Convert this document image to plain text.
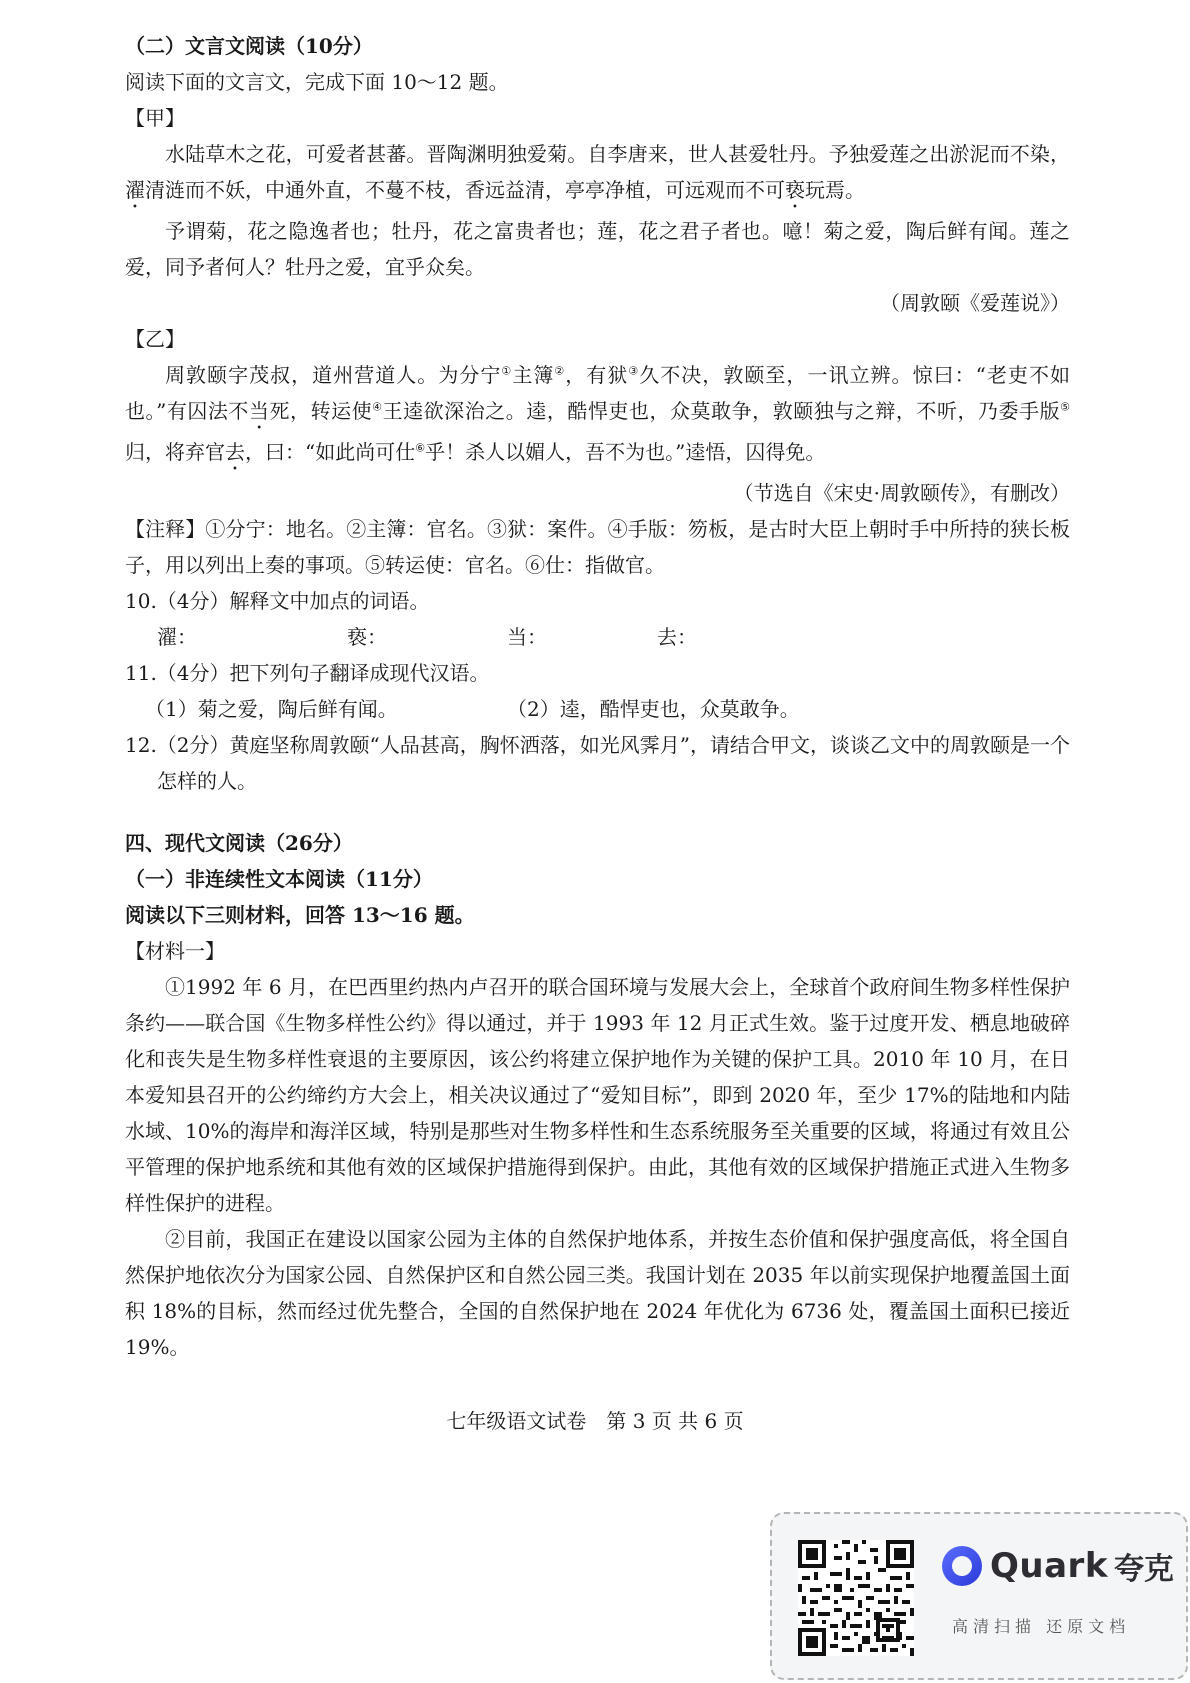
（二）文言文阅读（10分）
阅读下面的文言文，完成下面 10～12 题。
【甲】
水陆草木之花，可爱者甚蕃。晋陶渊明独爱菊。自李唐来，世人甚爱牡丹。予独爱莲之出淤泥而不染，濯清涟而不妖，中通外直，不蔓不枝，香远益清，亭亭净植，可远观而不可亵玩焉。
予谓菊，花之隐逸者也；牡丹，花之富贵者也；莲，花之君子者也。噫！菊之爱，陶后鲜有闻。莲之爱，同予者何人？牡丹之爱，宜乎众矣。
（周敦颐《爱莲说》）
【乙】
周敦颐字茂叔，道州营道人。为分宁①主簿②，有狱③久不决，敦颐至，一讯立辨。惊曰：“老吏不如也。”有囚法不当死，转运使④王逵欲深治之。逵，酷悍吏也，众莫敢争，敦颐独与之辩，不听，乃委手版⑤归，将弃官去，曰：“如此尚可仕⑥乎！杀人以媚人，吾不为也。”逵悟，囚得免。
（节选自《宋史·周敦颐传》，有删改）
【注释】①分宁：地名。②主簿：官名。③狱：案件。④手版：笏板，是古时大臣上朝时手中所持的狭长板子，用以列出上奏的事项。⑤转运使：官名。⑥仕：指做官。
10.（4分）解释文中加点的词语。
濯：	亵：	当：	去：
11.（4分）把下列句子翻译成现代汉语。
（1）菊之爱，陶后鲜有闻。	（2）逵，酷悍吏也，众莫敢争。
12.（2分）黄庭坚称周敦颐“人品甚高，胸怀洒落，如光风霁月”，请结合甲文，谈谈乙文中的周敦颐是一个怎样的人。
四、现代文阅读（26分）
（一）非连续性文本阅读（11分）
阅读以下三则材料，回答 13～16 题。
【材料一】
①1992 年 6 月，在巴西里约热内卢召开的联合国环境与发展大会上，全球首个政府间生物多样性保护条约——联合国《生物多样性公约》得以通过，并于 1993 年 12 月正式生效。鉴于过度开发、栖息地破碎化和丧失是生物多样性衰退的主要原因，该公约将建立保护地作为关键的保护工具。2010 年 10 月，在日本爱知县召开的公约缔约方大会上，相关决议通过了“爱知目标”，即到 2020 年，至少 17%的陆地和内陆水域、10%的海岸和海洋区域，特别是那些对生物多样性和生态系统服务至关重要的区域，将通过有效且公平管理的保护地系统和其他有效的区域保护措施得到保护。由此，其他有效的区域保护措施正式进入生物多样性保护的进程。
②目前，我国正在建设以国家公园为主体的自然保护地体系，并按生态价值和保护强度高低，将全国自然保护地依次分为国家公园、自然保护区和自然公园三类。我国计划在 2035 年以前实现保护地覆盖国土面积 18%的目标，然而经过优先整合，全国的自然保护地在 2024 年优化为 6736 处，覆盖国土面积已接近 19%。
七年级语文试卷　第 3 页 共 6 页
Quark 夸克
高清扫描 还原文档
